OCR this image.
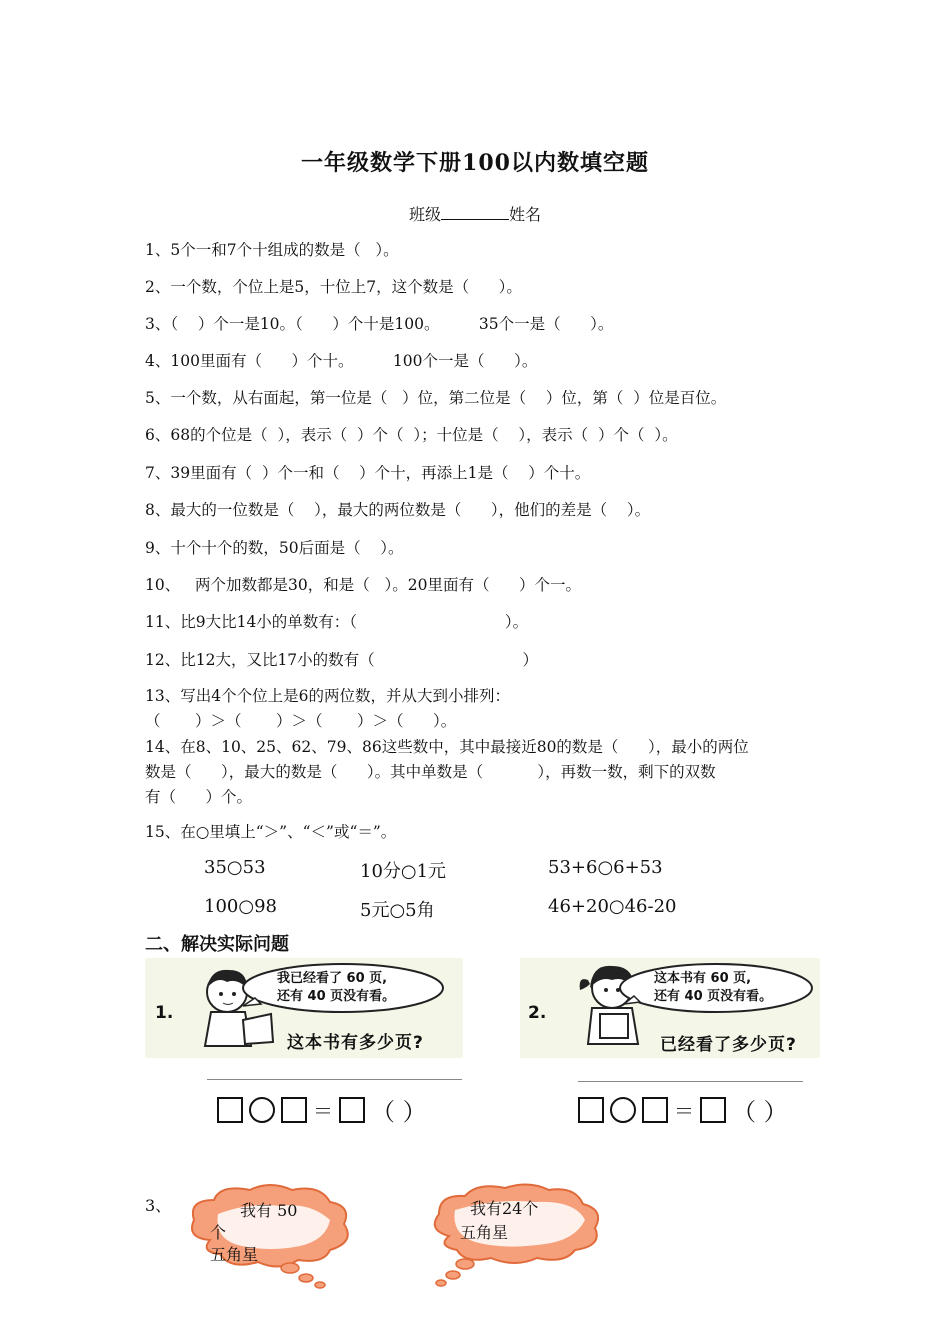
一年级数学下册100以内数填空题
班级	姓名
1、5个一和7个十组成的数是（   ）。
2、一个数，个位上是5，十位上7，这个数是（      ）。
3、（    ）个一是10。（      ）个十是100。        35个一是（      ）。
4、100里面有（      ）个十。        100个一是（      ）。
5、一个数，从右面起，第一位是（   ）位，第二位是（    ）位，第（  ）位是百位。
6、68的个位是（  ），表示（  ）个（  ）；十位是（    ），表示（  ）个（  ）。
7、39里面有（  ）个一和（    ）个十，再添上1是（    ）个十。
8、最大的一位数是（    ），最大的两位数是（      ），他们的差是（    ）。
9、十个十个的数，50后面是（    ）。
10、   两个加数都是30，和是（   ）。20里面有（      ）个一。
11、比9大比14小的单数有：（                              ）。
12、比12大，又比17小的数有（                              ）
13、写出4个个位上是6的两位数，并从大到小排列：
（       ）＞（       ）＞（       ）＞（      ）。
14、在8、10、25、62、79、86这些数中，其中最接近80的数是（      ），最小的两位
数是（      ），最大的数是（      ）。其中单数是（           ），再数一数，剩下的双数
有（      ）个。
15、在○里填上“＞”、“＜”或“＝”。
35○53	10分○1元	53+6○6+53
100○98	5元○5角	46+20○46-20
二、解决实际问题
1.
我已经看了 60 页,
还有 40 页没有看。
这本书有多少页?
＝ （ ）
2.
这本书有 60 页,
还有 40 页没有看。
已经看了多少页?
＝ （ ）
3、	我有 50
个
五角星
我有24个
五角星
